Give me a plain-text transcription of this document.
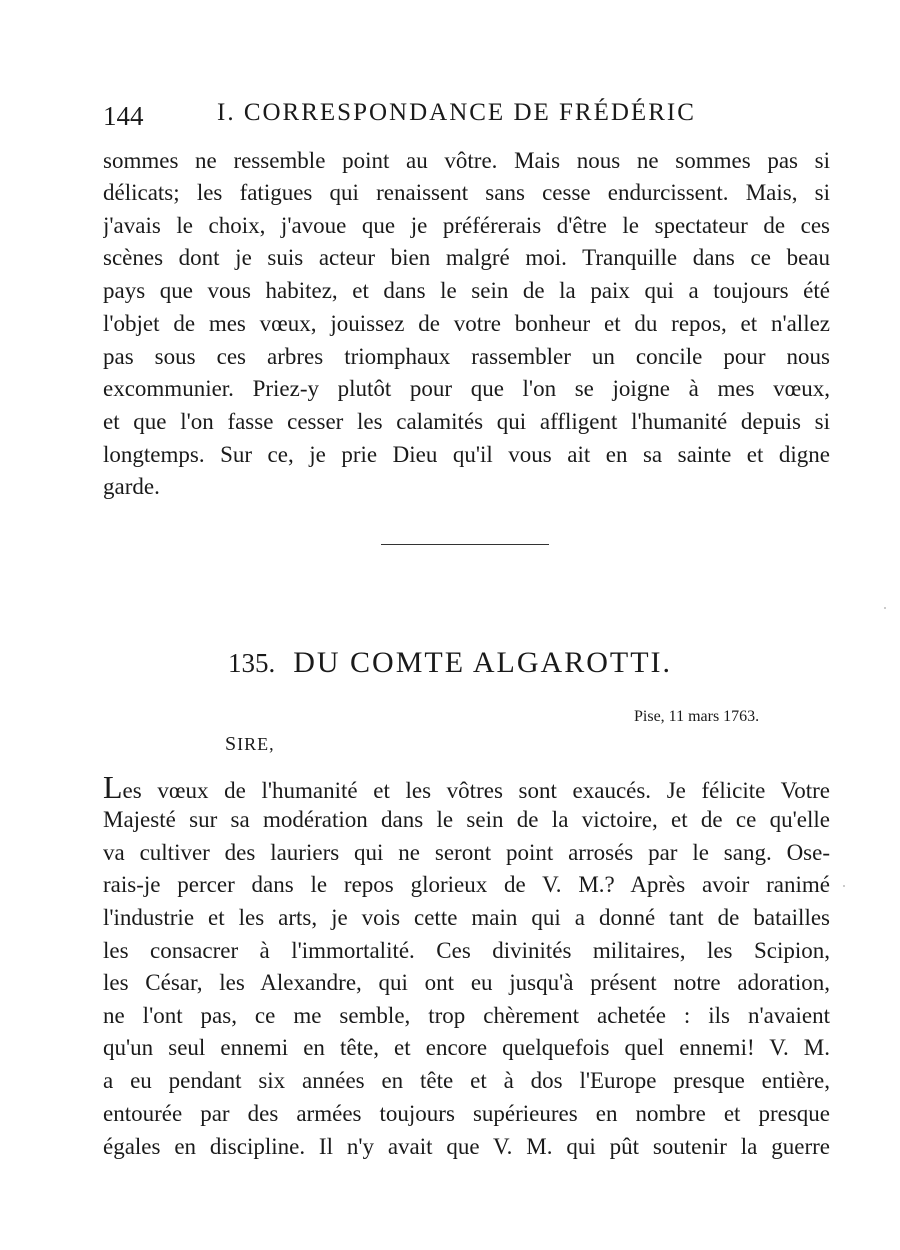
144	I. CORRESPONDANCE DE FRÉDÉRIC
sommes ne ressemble point au vôtre. Mais nous ne sommes pas si
délicats; les fatigues qui renaissent sans cesse endurcissent. Mais, si
j'avais le choix, j'avoue que je préférerais d'être le spectateur de ces
scènes dont je suis acteur bien malgré moi. Tranquille dans ce beau
pays que vous habitez, et dans le sein de la paix qui a toujours été
l'objet de mes vœux, jouissez de votre bonheur et du repos, et n'allez
pas sous ces arbres triomphaux rassembler un concile pour nous
excommunier. Priez-y plutôt pour que l'on se joigne à mes vœux,
et que l'on fasse cesser les calamités qui affligent l'humanité depuis si
longtemps. Sur ce, je prie Dieu qu'il vous ait en sa sainte et digne
garde.
135. DU COMTE ALGAROTTI.
Pise, 11 mars 1763.
SIRE,
Les vœux de l'humanité et les vôtres sont exaucés. Je félicite Votre
Majesté sur sa modération dans le sein de la victoire, et de ce qu'elle
va cultiver des lauriers qui ne seront point arrosés par le sang. Ose-
rais-je percer dans le repos glorieux de V. M.? Après avoir ranimé
l'industrie et les arts, je vois cette main qui a donné tant de batailles
les consacrer à l'immortalité. Ces divinités militaires, les Scipion,
les César, les Alexandre, qui ont eu jusqu'à présent notre adoration,
ne l'ont pas, ce me semble, trop chèrement achetée : ils n'avaient
qu'un seul ennemi en tête, et encore quelquefois quel ennemi! V. M.
a eu pendant six années en tête et à dos l'Europe presque entière,
entourée par des armées toujours supérieures en nombre et presque
égales en discipline. Il n'y avait que V. M. qui pût soutenir la guerre
